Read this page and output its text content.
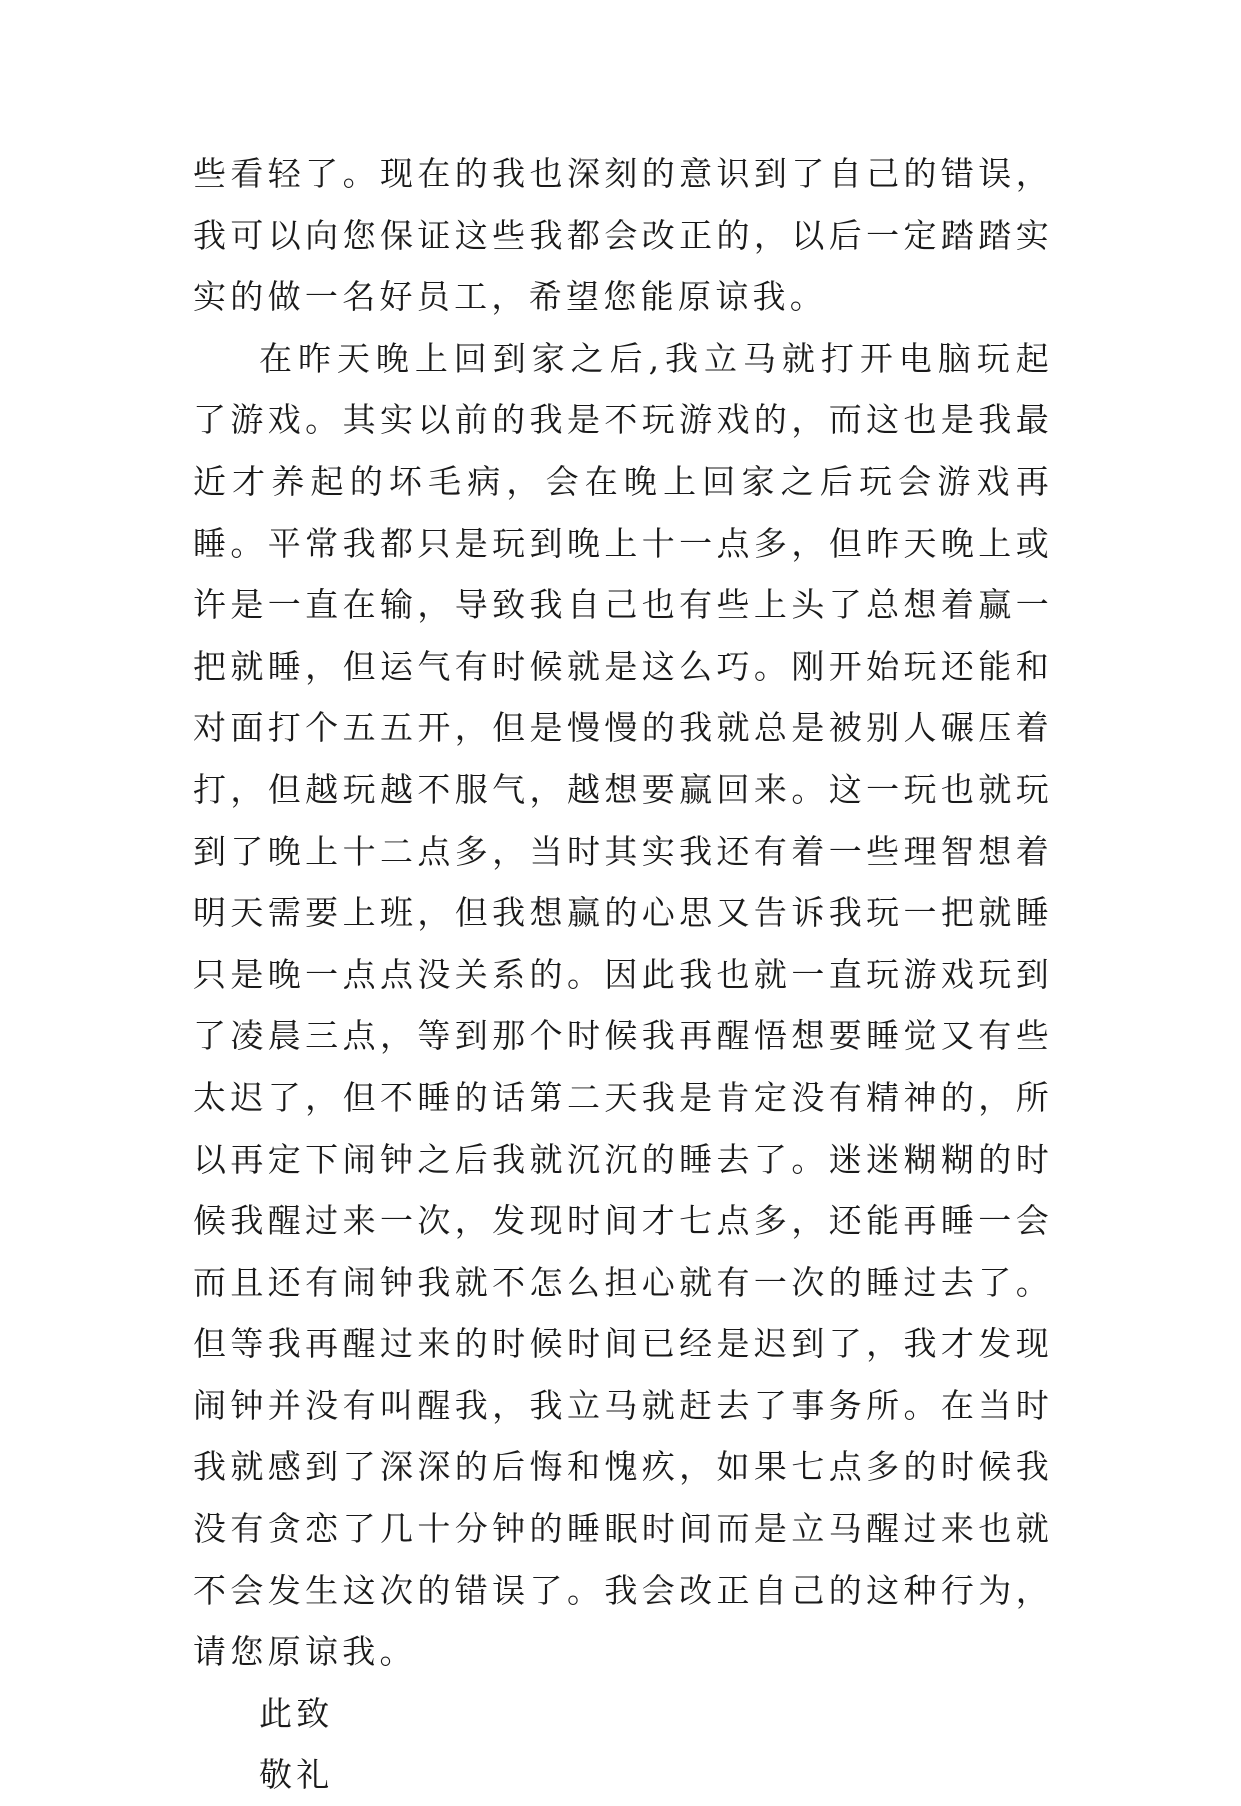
些看轻了。现在的我也深刻的意识到了自己的错误，我可以向您保证这些我都会改正的，以后一定踏踏实实的做一名好员工，希望您能原谅我。

在昨天晚上回到家之后,我立马就打开电脑玩起了游戏。其实以前的我是不玩游戏的，而这也是我最近才养起的坏毛病，会在晚上回家之后玩会游戏再睡。平常我都只是玩到晚上十一点多，但昨天晚上或许是一直在输，导致我自己也有些上头了总想着赢一把就睡，但运气有时候就是这么巧。刚开始玩还能和对面打个五五开，但是慢慢的我就总是被别人碾压着打，但越玩越不服气，越想要赢回来。这一玩也就玩到了晚上十二点多，当时其实我还有着一些理智想着明天需要上班，但我想赢的心思又告诉我玩一把就睡只是晚一点点没关系的。因此我也就一直玩游戏玩到了凌晨三点，等到那个时候我再醒悟想要睡觉又有些太迟了，但不睡的话第二天我是肯定没有精神的，所以再定下闹钟之后我就沉沉的睡去了。迷迷糊糊的时候我醒过来一次，发现时间才七点多，还能再睡一会而且还有闹钟我就不怎么担心就有一次的睡过去了。但等我再醒过来的时候时间已经是迟到了，我才发现闹钟并没有叫醒我，我立马就赶去了事务所。在当时我就感到了深深的后悔和愧疚，如果七点多的时候我没有贪恋了几十分钟的睡眠时间而是立马醒过来也就不会发生这次的错误了。我会改正自己的这种行为，请您原谅我。

此致

敬礼
